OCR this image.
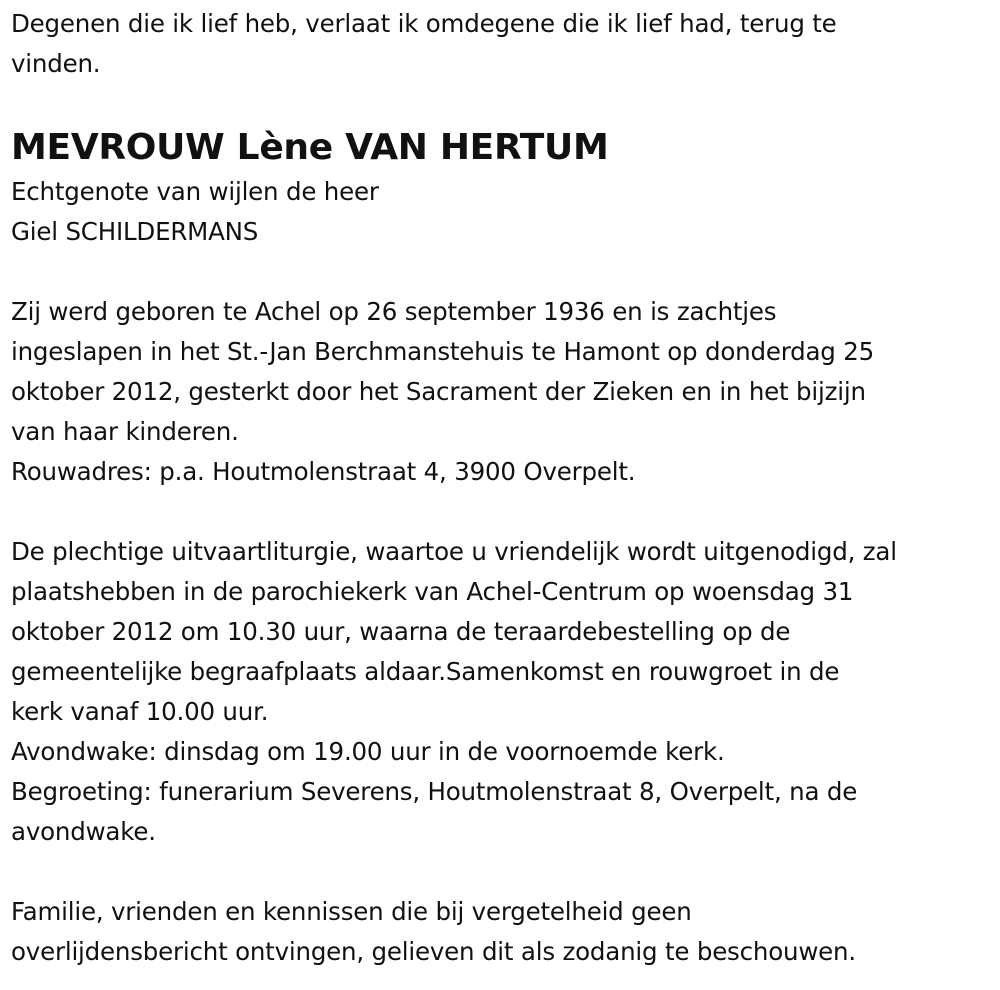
Degenen die ik lief heb, verlaat ik omdegene die ik lief had, terug te
vinden.
MEVROUW Lène VAN HERTUM
Echtgenote van wijlen de heer
Giel SCHILDERMANS
Zij werd geboren te Achel op 26 september 1936 en is zachtjes
ingeslapen in het St.-Jan Berchmanstehuis te Hamont op donderdag 25
oktober 2012, gesterkt door het Sacrament der Zieken en in het bijzijn
van haar kinderen.
Rouwadres: p.a. Houtmolenstraat 4, 3900 Overpelt.
De plechtige uitvaartliturgie, waartoe u vriendelijk wordt uitgenodigd, zal
plaatshebben in de parochiekerk van Achel-Centrum op woensdag 31
oktober 2012 om 10.30 uur, waarna de teraardebestelling op de
gemeentelijke begraafplaats aldaar.Samenkomst en rouwgroet in de
kerk vanaf 10.00 uur.
Avondwake: dinsdag om 19.00 uur in de voornoemde kerk.
Begroeting: funerarium Severens, Houtmolenstraat 8, Overpelt, na de
avondwake.
Familie, vrienden en kennissen die bij vergetelheid geen
overlijdensbericht ontvingen, gelieven dit als zodanig te beschouwen.
